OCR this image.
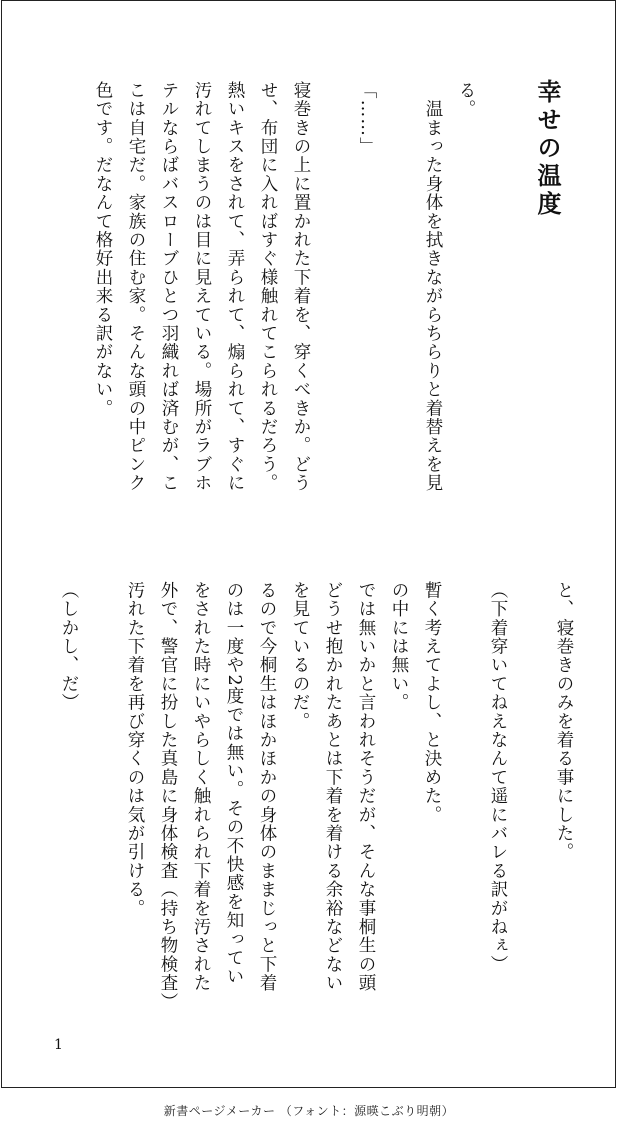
幸せの温度

る。
　温まった身体を拭きながらちらりと着替えを見

「……」

寝巻きの上に置かれた下着を、穿くべきか。どう
せ、布団に入ればすぐ様触れてこられるだろう。
熱いキスをされて、弄られて、煽られて、すぐに
汚れてしまうのは目に見えている。場所がラブホ
テルならばバスローブひとつ羽織れば済むが、こ
こは自宅だ。家族の住む家。そんな頭の中ピンク
色です。だなんて格好出来る訳がない。

と、寝巻きのみを着る事にした。

（下着穿いてねえなんて遥にバレる訳がねぇ）

暫く考えてよし、と決めた。
の中には無い。
では無いかと言われそうだが、そんな事桐生の頭
どうせ抱かれたあとは下着を着ける余裕などない
を見ているのだ。
るので今桐生はほかほかの身体のままじっと下着
のは一度や2度では無い。その不快感を知ってい
をされた時にいやらしく触れられ下着を汚された
外で、警官に扮した真島に身体検査（持ち物検査）
汚れた下着を再び穿くのは気が引ける。

（しかし、だ）

1

新書ページメーカー （フォント：源暎こぶり明朝）
